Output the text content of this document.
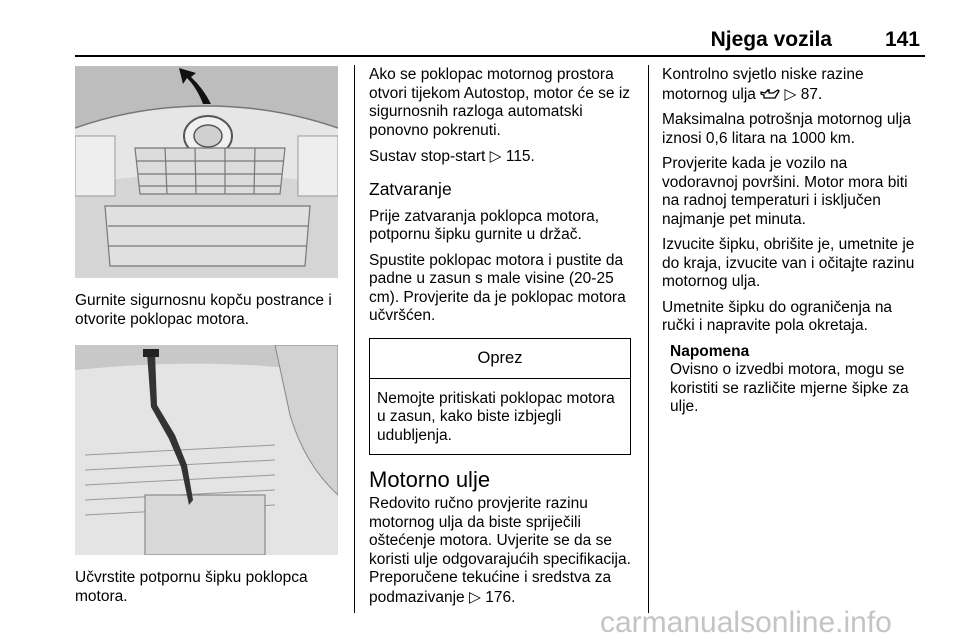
Njega vozila	141

Gurnite sigurnosnu kopču postrance i otvorite poklopac motora.

Učvrstite potpornu šipku poklopca motora.

Ako se poklopac motornog prostora otvori tijekom Autostop, motor će se iz sigurnosnih razloga automatski ponovno pokrenuti.

Sustav stop-start ▷ 115.

Zatvaranje

Prije zatvaranja poklopca motora, potpornu šipku gurnite u držač.

Spustite poklopac motora i pustite da padne u zasun s male visine (20-25 cm). Provjerite da je poklopac motora učvršćen.

Oprez
Nemojte pritiskati poklopac motora u zasun, kako biste izbjegli udubljenja.
Motorno ulje

Redovito ručno provjerite razinu motornog ulja da biste spriječili oštećenje motora. Uvjerite se da se koristi ulje odgovarajućih specifikacija. Preporučene tekućine i sredstva za podmazivanje ▷ 176.

Kontrolno svjetlo niske razine motornog ulja ▷ 87.

Maksimalna potrošnja motornog ulja iznosi 0,6 litara na 1000 km.

Provjerite kada je vozilo na vodoravnoj površini. Motor mora biti na radnoj temperaturi i isključen najmanje pet minuta.

Izvucite šipku, obrišite je, umetnite je do kraja, izvucite van i očitajte razinu motornog ulja.

Umetnite šipku do ograničenja na ručki i napravite pola okretaja.

Napomena
Ovisno o izvedbi motora, mogu se koristiti se različite mjerne šipke za ulje.
carmanualsonline.info
